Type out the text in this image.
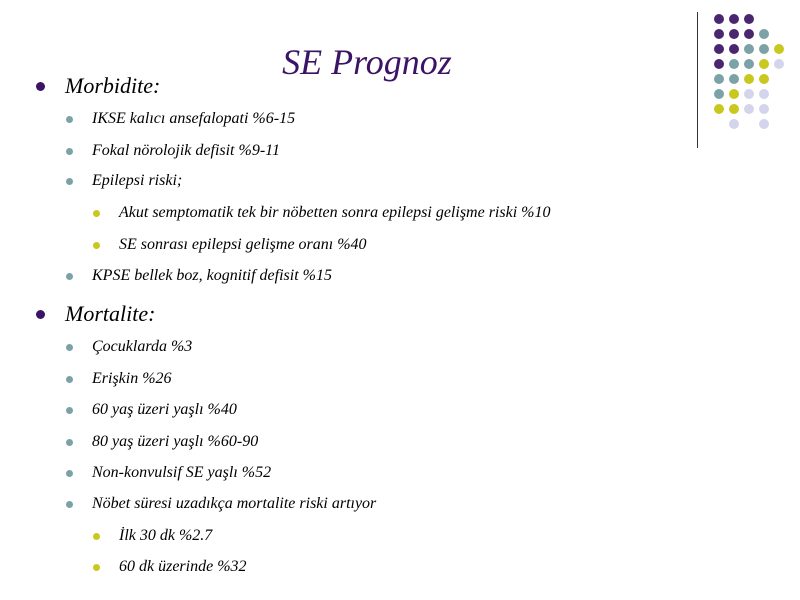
SE Prognoz
Morbidite:
IKSE kalıcı ansefalopati %6-15
Fokal nörolojik defisit %9-11
Epilepsi riski;
Akut semptomatik tek bir nöbetten sonra epilepsi gelişme riski %10
SE sonrası epilepsi gelişme oranı %40
KPSE bellek boz, kognitif defisit %15
Mortalite:
Çocuklarda %3
Erişkin %26
60 yaş üzeri yaşlı %40
80 yaş üzeri yaşlı %60-90
Non-konvulsif SE yaşlı %52
Nöbet süresi uzadıkça mortalite riski artıyor
İlk 30 dk %2.7
60 dk üzerinde %32
